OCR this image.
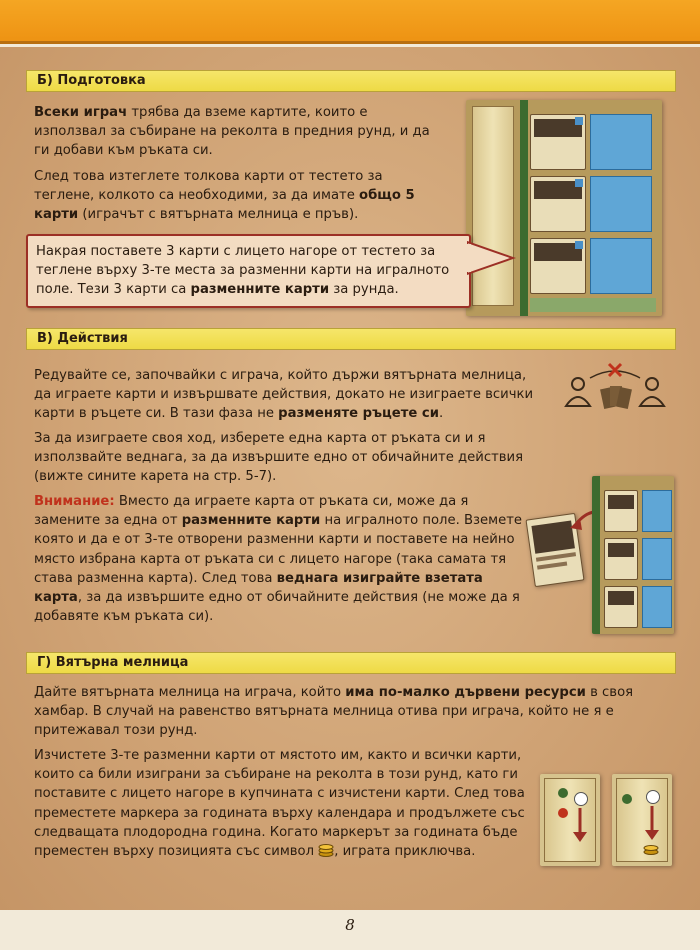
Б) Подготовка
Всеки играч трябва да вземе картите, които е използвал за събиране на реколта в предния рунд, и да ги добави към ръката си.
След това изтеглете толкова карти от тестето за теглене, колкото са необходими, за да имате общо 5 карти (играчът с вятърната мелница е пръв).
Накрая поставете 3 карти с лицето нагоре от тестето за теглене върху 3-те места за разменни карти на игралното поле. Тези 3 карти са разменните карти за рунда.
В) Действия
Редувайте се, започвайки с играча, който държи вятърната мелница, да играете карти и извършвате действия, докато не изиграете всички карти в ръцете си. В тази фаза не разменяте ръцете си.
За да изиграете своя ход, изберете една карта от ръката си и я използвайте веднага, за да извършите едно от обичайните действия (вижте сините карета на стр. 5-7).
Внимание: Вместо да играете карта от ръката си, може да я замените за една от разменните карти на игралното поле. Вземете която и да е от 3-те отворени разменни карти и поставете на нейно място избрана карта от ръката си с лицето нагоре (така самата тя става разменна карта). След това веднага изиграйте взетата карта, за да извършите едно от обичайните действия (не може да я добавяте към ръката си).
Г) Вятърна мелница
Дайте вятърната мелница на играча, който има по-малко дървени ресурси в своя хамбар. В случай на равенство вятърната мелница отива при играча, който не я е притежавал този рунд.
Изчистете 3-те разменни карти от мястото им, както и всички карти, които са били изиграни за събиране на реколта в този рунд, като ги поставите с лицето нагоре в купчината с изчистени карти. След това преместете маркера за годината върху календара и продължете със следващата плодородна година. Когато маркерът за годината бъде преместен върху позицията със символ , играта приключва.
8
